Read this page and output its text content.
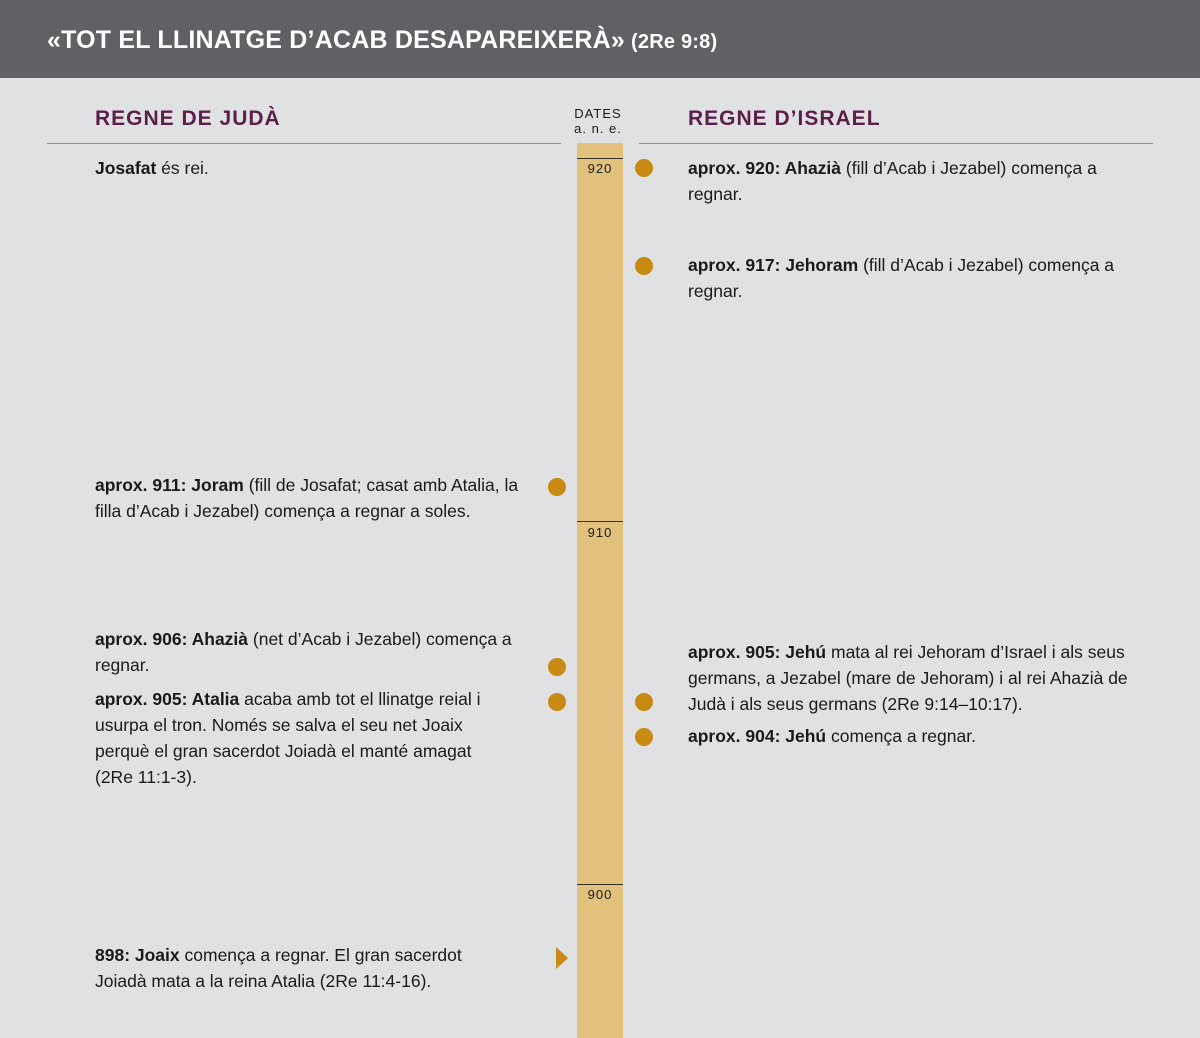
«TOT EL LLINATGE D’ACAB DESAPAREIXERÀ» (2Re 9:8)
REGNE DE JUDÀ	REGNE D’ISRAEL
DATES
a. n. e.
920
910
900
Josafat és rei.
aprox. 911: Joram (fill de Josafat; casat amb Atalia, la filla d’Acab i Jezabel) comença a regnar a soles.
aprox. 906: Ahazià (net d’Acab i Jezabel) comença a regnar.
aprox. 905: Atalia acaba amb tot el llinatge reial i usurpa el tron. Només se salva el seu net Joaix perquè el gran sacerdot Joiadà el manté amagat (2Re 11:1-3).
898: Joaix comença a regnar. El gran sacerdot Joiadà mata a la reina Atalia (2Re 11:4-16).
aprox. 920: Ahazià (fill d’Acab i Jezabel) comença a regnar.
aprox. 917: Jehoram (fill d’Acab i Jezabel) comença a regnar.
aprox. 905: Jehú mata al rei Jehoram d’Israel i als seus germans, a Jezabel (mare de Jehoram) i al rei Ahazià de Judà i als seus germans (2Re 9:14–10:17).
aprox. 904: Jehú comença a regnar.
